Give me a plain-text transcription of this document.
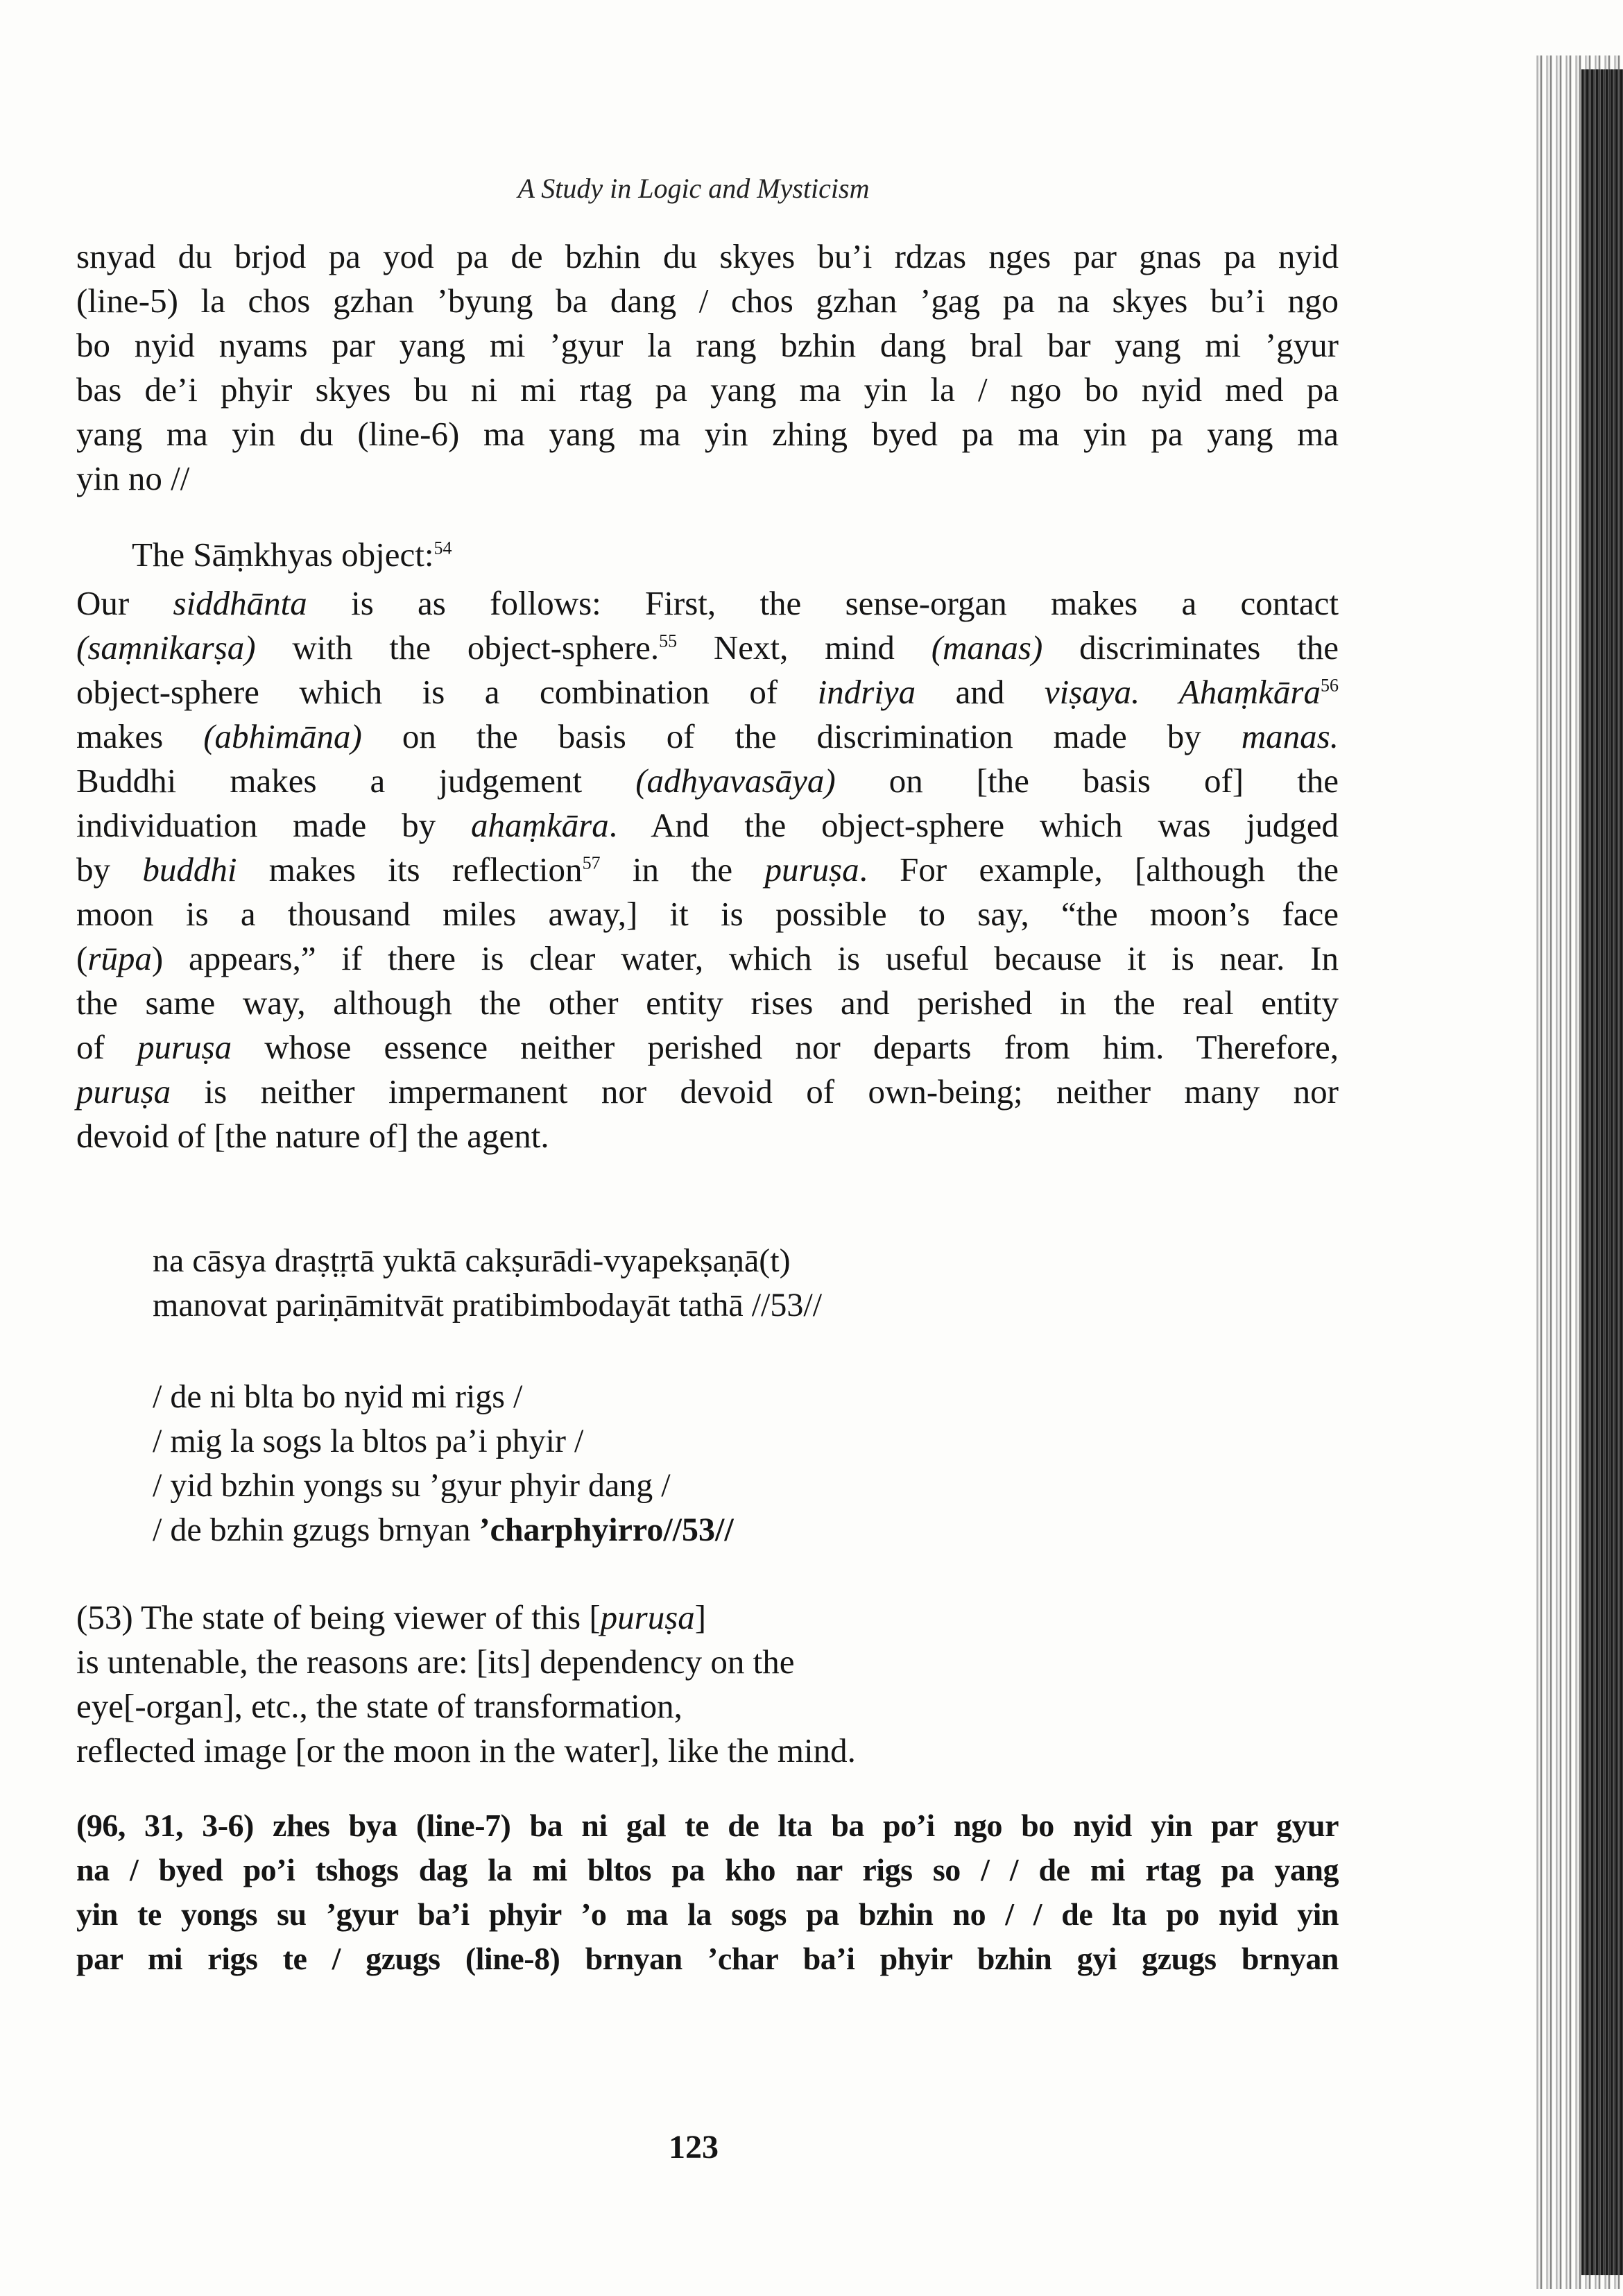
A Study in Logic and Mysticism
snyad du brjod pa yod pa de bzhin du skyes bu’i rdzas nges par gnas pa nyid
(line-5) la chos gzhan ’byung ba dang / chos gzhan ’gag pa na skyes bu’i ngo
bo nyid nyams par yang mi ’gyur la rang bzhin dang bral bar yang mi ’gyur
bas de’i phyir skyes bu ni mi rtag pa yang ma yin la / ngo bo nyid med pa
yang ma yin du (line-6) ma yang ma yin zhing byed pa ma yin pa yang ma
yin no //
The Sāṃkhyas object:$^{54}$
Our siddhānta is as follows: First, the sense-organ makes a contact
(saṃnikarṣa) with the object-sphere.$^{55}$ Next, mind (manas) discriminates the
object-sphere which is a combination of indriya and viṣaya. Ahaṃkāra$^{56}$
makes (abhimāna) on the basis of the discrimination made by manas.
Buddhi makes a judgement (adhyavasāya) on [the basis of] the
individuation made by ahaṃkāra. And the object-sphere which was judged
by buddhi makes its reflection$^{57}$ in the puruṣa. For example, [although the
moon is a thousand miles away,] it is possible to say, “the moon’s face
(rūpa) appears,” if there is clear water, which is useful because it is near. In
the same way, although the other entity rises and perished in the real entity
of puruṣa whose essence neither perished nor departs from him. Therefore,
puruṣa is neither impermanent nor devoid of own-being; neither many nor
devoid of [the nature of] the agent.
na cāsya draṣṭṛtā yuktā cakṣurādi-vyapekṣaṇā(t)
manovat pariṇāmitvāt pratibimbodayāt tathā //53//
/ de ni blta bo nyid mi rigs /
/ mig la sogs la bltos pa’i phyir /
/ yid bzhin yongs su ’gyur phyir dang /
/ de bzhin gzugs brnyan ’charphyirro//53//
(53) The state of being viewer of this [puruṣa]
is untenable, the reasons are: [its] dependency on the
eye[-organ], etc., the state of transformation,
reflected image [or the moon in the water], like the mind.
(96, 31, 3-6) zhes bya (line-7) ba ni gal te de lta ba po’i ngo bo nyid yin par gyur
na / byed po’i tshogs dag la mi bltos pa kho nar rigs so / / de mi rtag pa yang
yin te yongs su ’gyur ba’i phyir ’o ma la sogs pa bzhin no / / de lta po nyid yin
par mi rigs te / gzugs (line-8) brnyan ’char ba’i phyir bzhin gyi gzugs brnyan
123
